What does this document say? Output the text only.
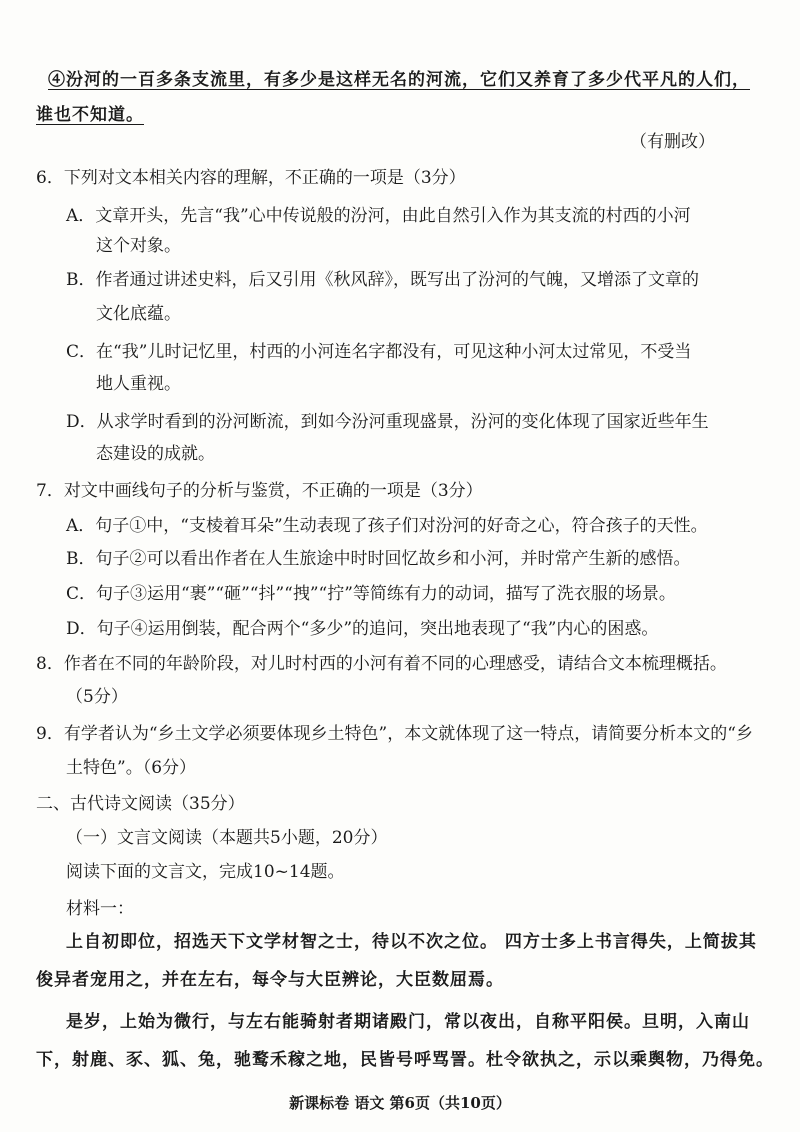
④汾河的一百多条支流里，有多少是这样无名的河流，它们又养育了多少代平凡的人们，
谁也不知道。
（有删改）
6．下列对文本相关内容的理解，不正确的一项是（3分）
A．文章开头，先言“我”心中传说般的汾河，由此自然引入作为其支流的村西的小河
这个对象。
B．作者通过讲述史料，后又引用《秋风辞》，既写出了汾河的气魄，又增添了文章的
文化底蕴。
C．在“我”儿时记忆里，村西的小河连名字都没有，可见这种小河太过常见，不受当
地人重视。
D．从求学时看到的汾河断流，到如今汾河重现盛景，汾河的变化体现了国家近些年生
态建设的成就。
7．对文中画线句子的分析与鉴赏，不正确的一项是（3分）
A．句子①中，“支棱着耳朵”生动表现了孩子们对汾河的好奇之心，符合孩子的天性。
B．句子②可以看出作者在人生旅途中时时回忆故乡和小河，并时常产生新的感悟。
C．句子③运用“裹”“砸”“抖”“拽”“拧”等简练有力的动词，描写了洗衣服的场景。
D．句子④运用倒装，配合两个“多少”的追问，突出地表现了“我”内心的困惑。
8．作者在不同的年龄阶段，对儿时村西的小河有着不同的心理感受，请结合文本梳理概括。
（5分）
9．有学者认为“乡土文学必须要体现乡土特色”，本文就体现了这一特点，请简要分析本文的“乡
土特色”。（6分）
二、古代诗文阅读（35分）
（一）文言文阅读（本题共5小题，20分）
阅读下面的文言文，完成10~14题。
材料一：
上自初即位，招选天下文学材智之士，待以不次之位。 四方士多上书言得失，上简拔其
俊异者宠用之，并在左右，每令与大臣辨论，大臣数屈焉。
是岁，上始为微行，与左右能骑射者期诸殿门，常以夜出，自称平阳侯。旦明，入南山
下，射鹿、豕、狐、兔，驰鹜禾稼之地，民皆号呼骂詈。杜令欲执之，示以乘舆物，乃得免。
新课标卷 语文 第6页（共10页）
